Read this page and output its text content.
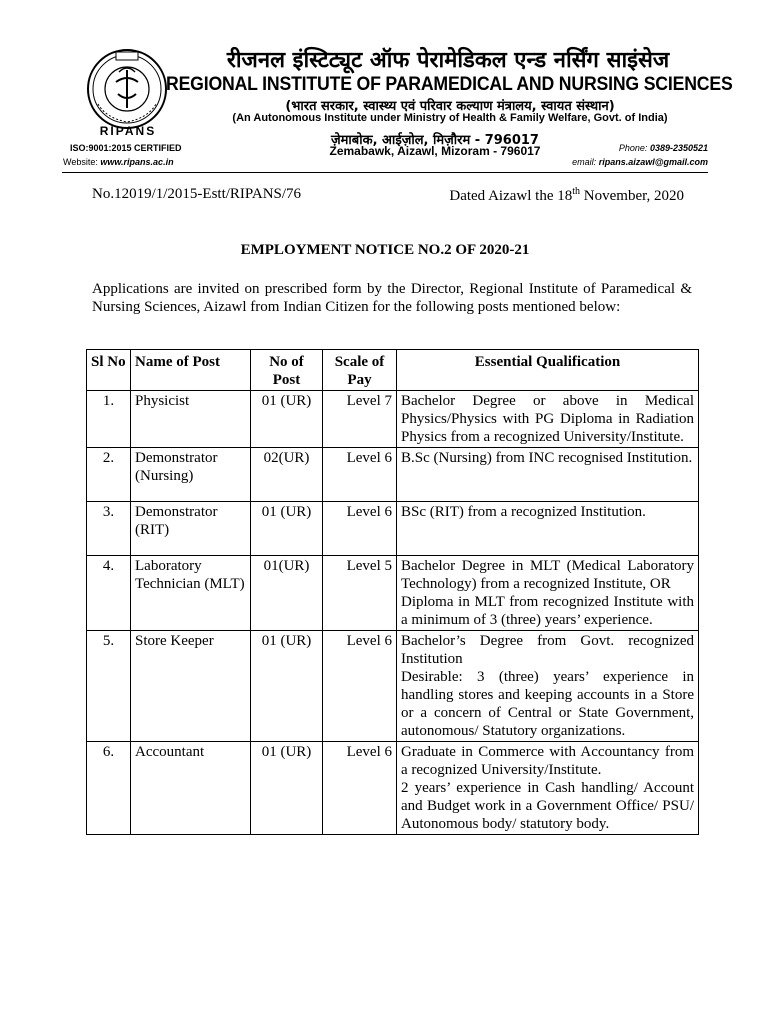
RIPANS
रीजनल इंस्टिट्यूट ऑफ पेरामेडिकल एन्ड नर्सिंग साइंसेज
REGIONAL INSTITUTE OF PARAMEDICAL AND NURSING SCIENCES
(भारत सरकार, स्वास्थ्य एवं परिवार कल्याण मंत्रालय, स्वायत संस्थान)
(An Autonomous Institute under Ministry of Health & Family Welfare, Govt. of India)
ज़ेमाबोक, आईज़ोल, मिज़ौरम - 796017
Zemabawk, Aizawl, Mizoram - 796017
ISO:9001:2015 CERTIFIED
Website: www.ripans.ac.in
Phone: 0389-2350521
email: ripans.aizawl@gmail.com
No.12019/1/2015-Estt/RIPANS/76	Dated Aizawl the 18th November, 2020
EMPLOYMENT NOTICE NO.2 OF 2020-21
Applications are invited on prescribed form by the Director, Regional Institute of Paramedical & Nursing Sciences, Aizawl from Indian Citizen for the following posts mentioned below:
Sl No	Name of Post	No of Post	Scale of Pay	Essential Qualification
1.	Physicist	01 (UR)	Level 7	Bachelor Degree or above in Medical Physics/Physics with PG Diploma in Radiation Physics from a recognized University/Institute.

2.	Demonstrator (Nursing)	02(UR)	Level 6	B.Sc (Nursing) from INC recognised Institution.

3.	Demonstrator (RIT)	01 (UR)	Level 6	BSc (RIT) from a recognized Institution.

4.	Laboratory Technician (MLT)	01(UR)	Level 5	Bachelor Degree in MLT (Medical Laboratory Technology) from a recognized Institute, OR
Diploma in MLT from recognized Institute with a minimum of 3 (three) years’ experience.

5.	Store Keeper	01 (UR)	Level 6	Bachelor’s Degree from Govt. recognized Institution
Desirable: 3 (three) years’ experience in handling stores and keeping accounts in a Store or a concern of Central or State Government, autonomous/ Statutory organizations.

6.	Accountant	01 (UR)	Level 6	Graduate in Commerce with Accountancy from a recognized University/Institute.
2 years’ experience in Cash handling/ Account and Budget work in a Government Office/ PSU/ Autonomous body/ statutory body.
